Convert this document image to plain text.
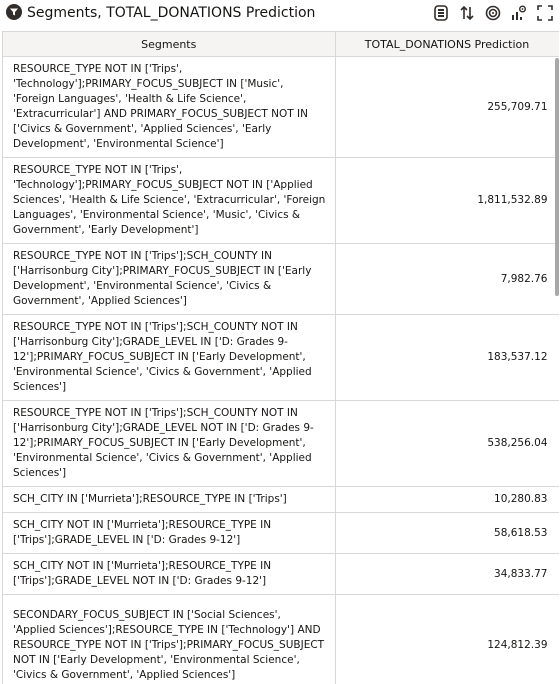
Segments, TOTAL_DONATIONS Prediction
Segments	TOTAL_DONATIONS Prediction
RESOURCE_TYPE NOT IN ['Trips', 'Technology'];PRIMARY_FOCUS_SUBJECT IN ['Music', 'Foreign Languages', 'Health & Life Science', 'Extracurricular'] AND PRIMARY_FOCUS_SUBJECT NOT IN ['Civics & Government', 'Applied Sciences', 'Early Development', 'Environmental Science']	255,709.71
RESOURCE_TYPE NOT IN ['Trips', 'Technology'];PRIMARY_FOCUS_SUBJECT NOT IN ['Applied Sciences', 'Health & Life Science', 'Extracurricular', 'Foreign Languages', 'Environmental Science', 'Music', 'Civics & Government', 'Early Development']	1,811,532.89
RESOURCE_TYPE NOT IN ['Trips'];SCH_COUNTY IN ['Harrisonburg City'];PRIMARY_FOCUS_SUBJECT IN ['Early Development', 'Environmental Science', 'Civics & Government', 'Applied Sciences']	7,982.76
RESOURCE_TYPE NOT IN ['Trips'];SCH_COUNTY NOT IN ['Harrisonburg City'];GRADE_LEVEL IN ['D: Grades 9-12'];PRIMARY_FOCUS_SUBJECT IN ['Early Development', 'Environmental Science', 'Civics & Government', 'Applied Sciences']	183,537.12
RESOURCE_TYPE NOT IN ['Trips'];SCH_COUNTY NOT IN ['Harrisonburg City'];GRADE_LEVEL NOT IN ['D: Grades 9-12'];PRIMARY_FOCUS_SUBJECT IN ['Early Development', 'Environmental Science', 'Civics & Government', 'Applied Sciences']	538,256.04
SCH_CITY IN ['Murrieta'];RESOURCE_TYPE IN ['Trips']	10,280.83
SCH_CITY NOT IN ['Murrieta'];RESOURCE_TYPE IN ['Trips'];GRADE_LEVEL IN ['D: Grades 9-12']	58,618.53
SCH_CITY NOT IN ['Murrieta'];RESOURCE_TYPE IN ['Trips'];GRADE_LEVEL NOT IN ['D: Grades 9-12']	34,833.77
SECONDARY_FOCUS_SUBJECT IN ['Social Sciences', 'Applied Sciences'];RESOURCE_TYPE IN ['Technology'] AND RESOURCE_TYPE NOT IN ['Trips'];PRIMARY_FOCUS_SUBJECT NOT IN ['Early Development', 'Environmental Science', 'Civics & Government', 'Applied Sciences']	124,812.39
